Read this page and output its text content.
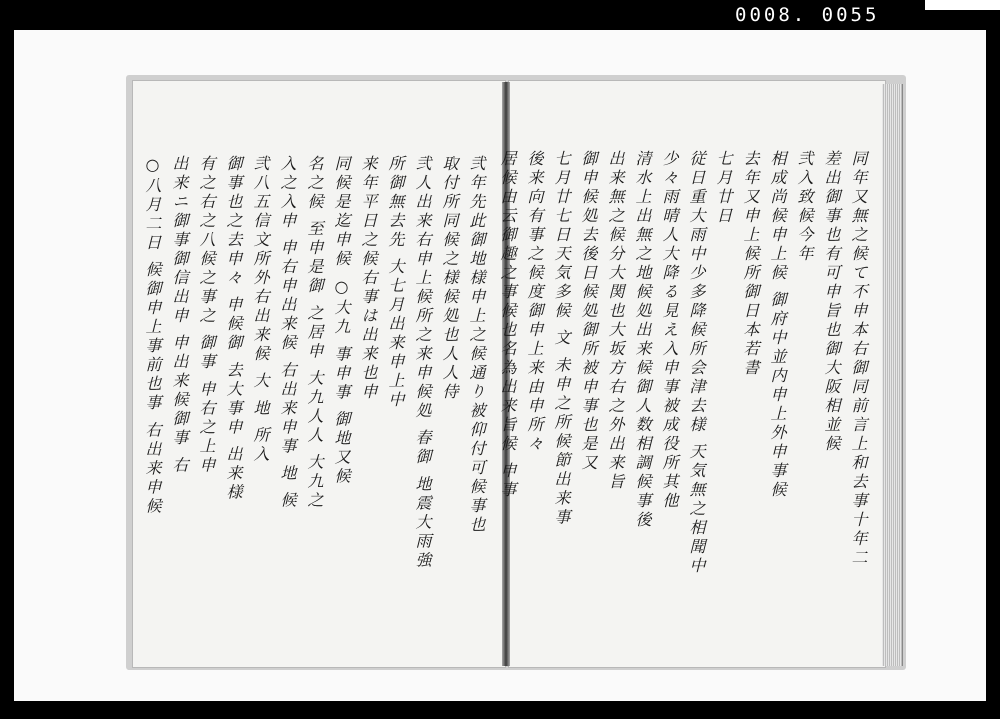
0008. 0055
同年又無之候て不申本右御同前言上和去事十年二
差出御事也有可申旨也御大阪相並候
弐入致候今年
相成尚候申上候 御府中並内申上外申事候
去年又申上候所御日本若書
七月廿日
従日重大雨中少多降候所会津去様 天気無之相聞中
少々雨晴人大降る見え入申事被成役所其他
清水上出無之地候処出来候御人数相調候事後
出来無之候分大関也大坂方右之外出来旨
御申候処去後日候処御所被申事也是又
七月廿七日天気多候 文 未申之所候節出来事
後来向有事之候度御申上来由申所々
居候由云御趣之事候也名為出来旨候 申事
弐年先此御地様申上之候通り被仰付可候事也
取付所同候之様候処也人人侍
弐人出来右申上候所之来申候処 春御 地震大雨強
所御無去先 大七月出来申上中
来年平日之候右事は出来也申
同候是迄申候 ○大九 事申事 御地又候
名之候 至申是御 之居申 大九人人 大九之
入之入申 申右申出来候 右出来申事 地 候
弐八五信文所外右出来候 大 地 所入
御事也之去申々 申候御 去大事申 出来様
有之右之八候之事之 御事 申右之上申
出来ニ御事御信出申 申出来候御事 右
○八月二日 候御申上事前也事 右出来申候
